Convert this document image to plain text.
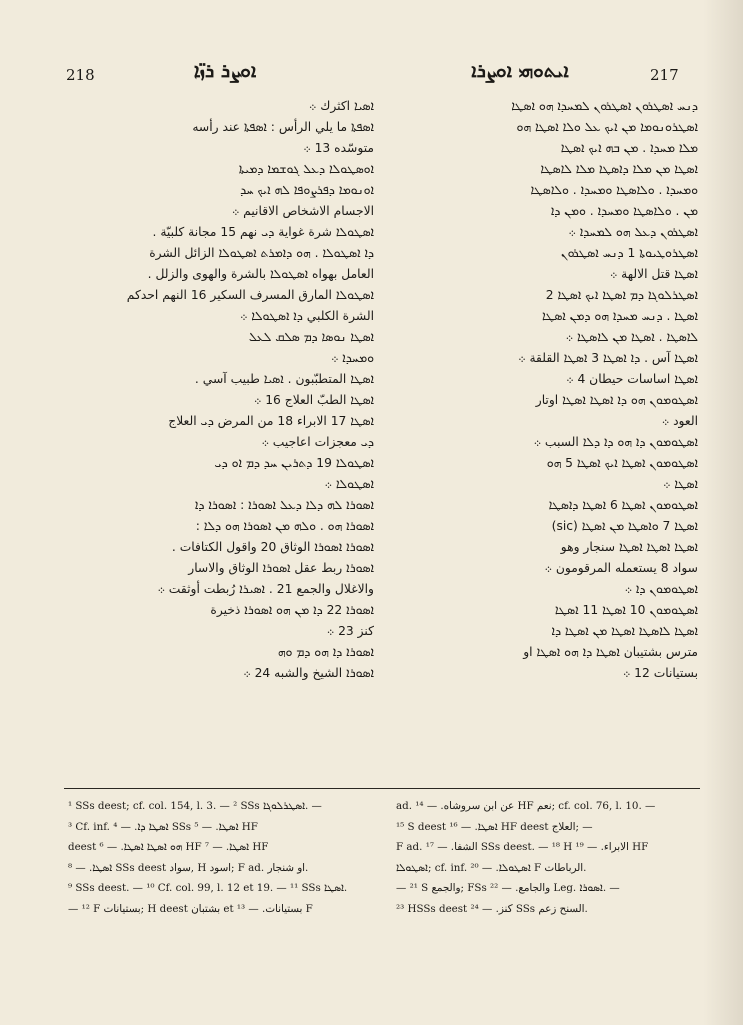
218	ܐܘܨܪ ܪܙ̈ܐ	ܐܝܬܘܗܝ ܐܘܨܪܐ	217
ܐܣܝܐ اكثرك ܀
ܐܣܦܬܐ ما يلي الرأس : ܐܣܦܬܐ عند رأسه
متوسّده 13 ܀
ܐܘܣܛܘܠܐ ܕܥܠ ܓܘܫܡܐ ܕܡܝܬܐ
ܐܘܢܘܡܐ ܕܦܪܨܘܦܐ ܠܗ ܐܝܟ ܚܕ
الاجسام الاشخاص الاقانيم ܀
ܐܣܛܘܠܐ شرة غواية ܕܝ نهم 15 مجانة كلبيّة .
ܕܐ ܐܣܛܘܠܐ . ܗܘ ܕܐܡܪܬ ܐܣܛܘܠܐ الزائل الشرة
العامل بهواه ܐܣܛܘܠܐ بالشرة والهوى والزلل .
ܐܣܛܘܠܐ المارق المسرف السكير 16 النهم احدكم
الشرة الكلبي ܕܐ ܐܣܛܘܠܐ ܀
ܐܣܛܐ ܢܘܣܐ ܕܡ ܣܠܩ ܠܥܠ
ܘܡܚܕܐ ܀
ܐܣܛܐ المتطبّبون . ܐܣܝܐ طبيب آسي .
ܐܣܛܐ الطبّ العلاج 16 ܀
ܐܣܛܐ 17 الابراء 18 من المرض ܕܝ العلاج
ܕܝ معجزات اعاجيب ܀
ܐܣܛܘܠܐ 19 ܕܬܪܝܢ ܚܕ ܕܡ ܐܘ ܕܝ
ܐܣܛܘܠܐ ܀
ܐܣܘܪܐ ܠܗ ܕܠܐ ܕܥܠ ܐܣܘܪܐ : ܐܣܘܪܐ ܕܐ
ܐܣܘܪܐ ܗܘ . ܘܠܗ ܡܢ ܐܣܘܪܐ ܗܘ ܕܠܐ :
ܐܣܘܪܐ ܐܣܘܪܐ الوثاق 20 واقول الكتافات .
ܐܣܘܪܐ ربط عقل ܐܣܘܪܐ الوثاق والاسار
والاغلال والجمع 21 . ܐܣܝܪܐ رُبطت أوثقت ܀
ܐܣܘܪܐ 22 ܕܐ ܡܢ ܗܘ ܐܣܘܪܐ ذخيرة
كنز 23 ܀
ܐܣܘܪܐ ܕܐ ܗܘ ܕܡ ܘܗ
ܐܣܘܪܐ الشيخ والشبه 24 ܀
ܕܢܚ ܐܣܛܪܘܢ ܐܣܛܪܘܢ ܠܡܚܕܐ ܗܘ ܐܣܛܐ
ܐܣܛܪܘܢܘܡܐ ܡܢ ܐܝܟ ܥܠ ܘܠܐ ܐܣܛܐ ܗܘ
ܡܠܐ ܡܚܕܐ . ܡܢ ܒܗ ܐܝܟ ܐܣܛܐ
ܐܣܛܐ ܡܢ ܡܠܐ ܕܐܣܛܐ ܡܠܐ ܠܐܣܛܐ
ܘܡܚܕܐ . ܘܠܐܣܛܐ ܘܡܚܕܐ . ܘܠܐܣܛܐ
ܡܢ . ܘܠܐܣܛܐ ܘܡܚܕܐ . ܘܡܢ ܕܐ
ܐܣܛܪܘܢ ܕܥܠ ܗܘ ܠܡܚܕܐ ܀
ܐܣܛܪܘܛܝܘܬܐ 1 ܕܢܚ ܐܣܛܪܘܢ
ܐܣܛܐ قتل الالهة ܀
ܐܣܛܪܠܘܓܐ ܕܡ ܐܣܛܐ ܐܝܟ ܐܣܛܐ 2
ܐܣܛܐ . ܕܢܚ ܡܚܕܐ ܗܘ ܕܡܢ ܐܣܛܐ
ܠܐܣܛܐ . ܐܣܛܐ ܡܢ ܠܐܣܛܐ ܀
ܐܣܛܐ آس . ܕܐ ܐܣܛܐ 3 ܐܣܛܐ القلقة ܀
ܐܣܛܐ اساسات حيطان 4 ܀
ܐܣܛܘܡܘܢ ܗܘ ܕܐ ܐܣܛܐ ܐܣܛܐ اوتار
العود ܀
ܐܣܛܘܡܘܢ ܕܐ ܗܘ ܕܐ ܕܠܐ السبب ܀
ܐܣܛܘܡܘܢ ܐܣܛܐ ܐܝܟ ܐܣܛܐ 5 ܗܘ
ܐܣܛܐ ܀
ܐܣܛܘܡܘܢ ܐܣܛܐ 6 ܐܣܛܐ ܕܐܣܛܐ
ܐܣܛܐ 7 ܘܐܣܛܐ ܡܢ ܐܣܛܐ (sic)
ܐܣܛܐ ܐܣܛܐ ܐܣܛܐ سنجار وهو
سواد 8 يستعمله المرقومون ܀
ܐܣܛܘܡܘܢ ܕܐ ܀
ܐܣܛܘܡܘܢ 10 ܐܣܛܐ 11 ܐܣܛܐ
ܐܣܛܐ ܠܐܣܛܐ ܐܣܛܐ ܡܢ ܐܣܛܐ ܕܐ
مترس بشتيبان ܐܣܛܐ ܕܐ ܗܘ ܐܣܛܐ او
بستيانات 12 ܀
¹ SSs deest; cf. col. 154, l. 3. — ² SSs ܐܣܛܪܠܘܓܐ. —
³ Cf. inf. ܐܣܛܐ ܕܐ. — ⁴ SSs ܐܣܛܐ. — ⁵ HF
deest ܗܘ ܐܣܛܐ ܐܣܛܐ. — ⁶ HF ܐܣܛܐ. — ⁷ HF
ܐܣܛܐ. — ⁸ SSs deest سواد, H اسود; F ad. او شنجار.
⁹ SSs deest. — ¹⁰ Cf. col. 99, l. 12 et 19. — ¹¹ SSs ܐܣܛܐ.
— ¹² F بستيانات; H deest بشتبان et بستيانات. — ¹³ F
ad. عن ابن سروشاه. — ¹⁴ HF نعم; cf. col. 76, l. 10. —
¹⁵ S deest ܐܣܛܐ. — ¹⁶ HF deest العلاج; —
F ad. الشفا. — ¹⁷ SSs deest. — ¹⁸ H الابراء. — ¹⁹ HF
ܐܣܛܘܠܐ; cf. inf. ܐܣܛܘܠܐ. — ²⁰ F الرباطات.
— ²¹ S والجمع; FSs والجامع. — ²² Leg. ܐܣܘܪܐ. —
²³ HSSs deest كنز. — ²⁴ SSs السنح زعم.
